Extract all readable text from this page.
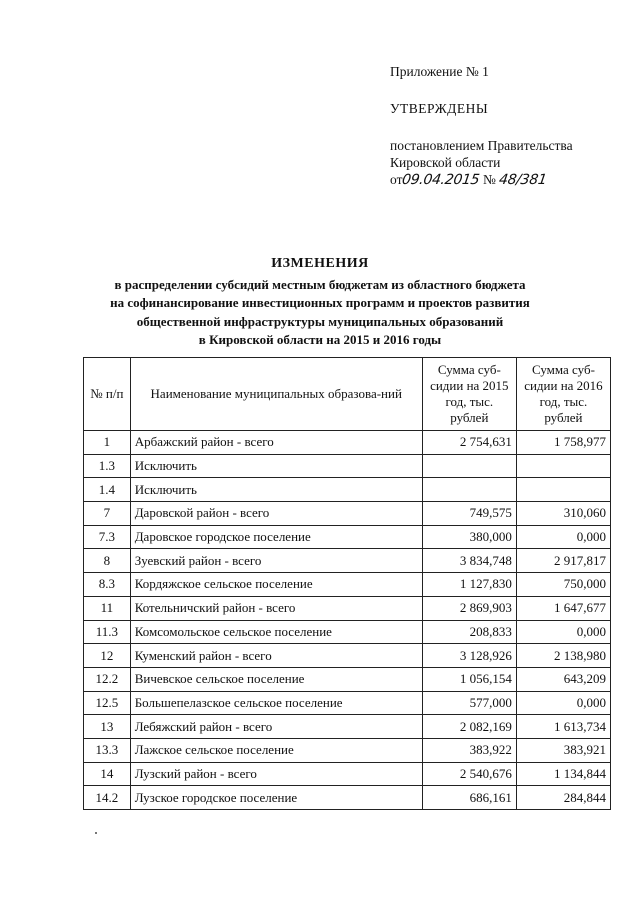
Приложение № 1

УТВЕРЖДЕНЫ

постановлением Правительства

Кировской области

от09.04.2015 № 48/381

ИЗМЕНЕНИЯ
в распределении субсидий местным бюджетам из областного бюджета
на софинансирование инвестиционных программ и проектов развития
общественной инфраструктуры муниципальных образований
в Кировской области на 2015 и 2016 годы
№ п/п	Наименование муниципальных образова-ний	Сумма суб-сидии на 2015 год, тыс. рублей	Сумма суб-сидии на 2016 год, тыс. рублей
1	Арбажский район - всего	2 754,631	1 758,977
1.3	Исключить		
1.4	Исключить		
7	Даровской район - всего	749,575	310,060
7.3	Даровское городское поселение	380,000	0,000
8	Зуевский район - всего	3 834,748	2 917,817
8.3	Кордяжское сельское поселение	1 127,830	750,000
11	Котельничский район - всего	2 869,903	1 647,677
11.3	Комсомольское сельское поселение	208,833	0,000
12	Куменский район - всего	3 128,926	2 138,980
12.2	Вичевское сельское поселение	1 056,154	643,209
12.5	Большепелазское сельское поселение	577,000	0,000
13	Лебяжский район - всего	2 082,169	1 613,734
13.3	Лажское сельское поселение	383,922	383,921
14	Лузский район - всего	2 540,676	1 134,844
14.2	Лузское городское поселение	686,161	284,844
